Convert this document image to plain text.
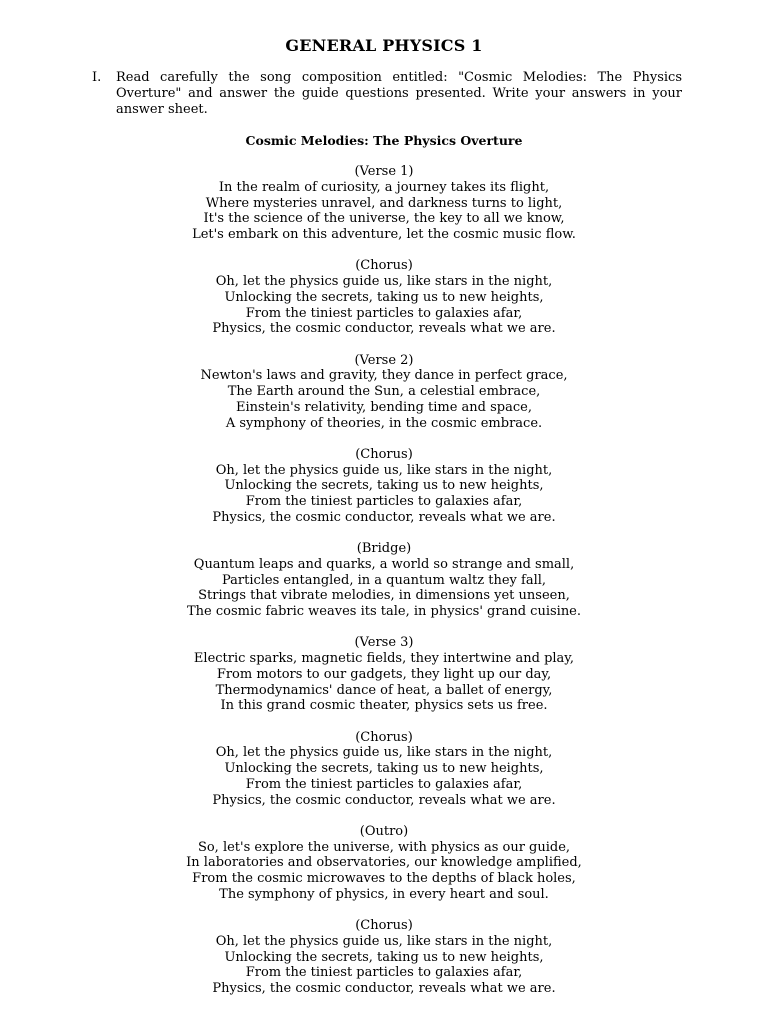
GENERAL PHYSICS 1
I.	Read carefully the song composition entitled: "Cosmic Melodies: The Physics Overture" and answer the guide questions presented. Write your answers in your answer sheet.
Cosmic Melodies: The Physics Overture
(Verse 1)
In the realm of curiosity, a journey takes its flight,
Where mysteries unravel, and darkness turns to light,
It's the science of the universe, the key to all we know,
Let's embark on this adventure, let the cosmic music flow.
(Chorus)
Oh, let the physics guide us, like stars in the night,
Unlocking the secrets, taking us to new heights,
From the tiniest particles to galaxies afar,
Physics, the cosmic conductor, reveals what we are.
(Verse 2)
Newton's laws and gravity, they dance in perfect grace,
The Earth around the Sun, a celestial embrace,
Einstein's relativity, bending time and space,
A symphony of theories, in the cosmic embrace.
(Chorus)
Oh, let the physics guide us, like stars in the night,
Unlocking the secrets, taking us to new heights,
From the tiniest particles to galaxies afar,
Physics, the cosmic conductor, reveals what we are.
(Bridge)
Quantum leaps and quarks, a world so strange and small,
Particles entangled, in a quantum waltz they fall,
Strings that vibrate melodies, in dimensions yet unseen,
The cosmic fabric weaves its tale, in physics' grand cuisine.
(Verse 3)
Electric sparks, magnetic fields, they intertwine and play,
From motors to our gadgets, they light up our day,
Thermodynamics' dance of heat, a ballet of energy,
In this grand cosmic theater, physics sets us free.
(Chorus)
Oh, let the physics guide us, like stars in the night,
Unlocking the secrets, taking us to new heights,
From the tiniest particles to galaxies afar,
Physics, the cosmic conductor, reveals what we are.
(Outro)
So, let's explore the universe, with physics as our guide,
In laboratories and observatories, our knowledge amplified,
From the cosmic microwaves to the depths of black holes,
The symphony of physics, in every heart and soul.
(Chorus)
Oh, let the physics guide us, like stars in the night,
Unlocking the secrets, taking us to new heights,
From the tiniest particles to galaxies afar,
Physics, the cosmic conductor, reveals what we are.
